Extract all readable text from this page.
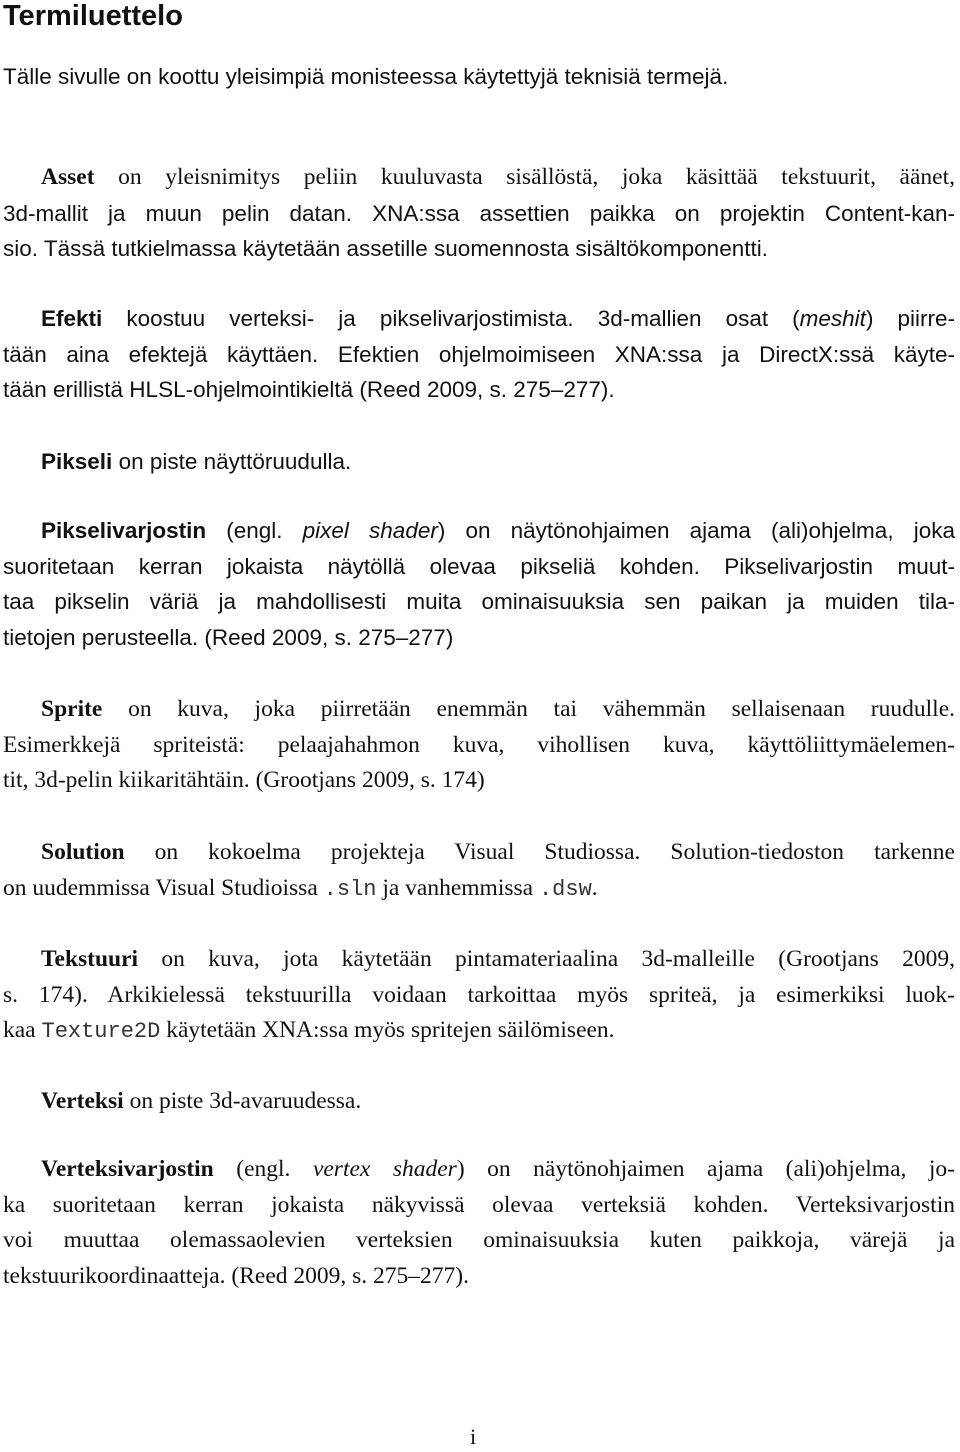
Termiluettelo

Tälle sivulle on koottu yleisimpiä monisteessa käytettyjä teknisiä termejä.

Asset on yleisnimitys peliin kuuluvasta sisällöstä, joka käsittää tekstuurit, äänet,
3d-mallit ja muun pelin datan. XNA:ssa assettien paikka on projektin Content-kan-
sio. Tässä tutkielmassa käytetään assetille suomennosta sisältökomponentti.
Efekti koostuu verteksi- ja pikselivarjostimista. 3d-mallien osat (meshit) piirre-
tään aina efektejä käyttäen. Efektien ohjelmoimiseen XNA:ssa ja DirectX:ssä käyte-
tään erillistä HLSL-ohjelmointikieltä (Reed 2009, s. 275–277).
Pikseli on piste näyttöruudulla.
Pikselivarjostin (engl. pixel shader) on näytönohjaimen ajama (ali)ohjelma, joka
suoritetaan kerran jokaista näytöllä olevaa pikseliä kohden. Pikselivarjostin muut-
taa pikselin väriä ja mahdollisesti muita ominaisuuksia sen paikan ja muiden tila-
tietojen perusteella. (Reed 2009, s. 275–277)
Sprite on kuva, joka piirretään enemmän tai vähemmän sellaisenaan ruudulle.
Esimerkkejä spriteistä: pelaajahahmon kuva, vihollisen kuva, käyttöliittymäelemen-
tit, 3d-pelin kiikaritähtäin. (Grootjans 2009, s. 174)
Solution on kokoelma projekteja Visual Studiossa. Solution-tiedoston tarkenne
on uudemmissa Visual Studioissa .sln ja vanhemmissa .dsw.
Tekstuuri on kuva, jota käytetään pintamateriaalina 3d-malleille (Grootjans 2009,
s. 174). Arkikielessä tekstuurilla voidaan tarkoittaa myös spriteä, ja esimerkiksi luok-
kaa Texture2D käytetään XNA:ssa myös spritejen säilömiseen.
Verteksi on piste 3d-avaruudessa.
Verteksivarjostin (engl. vertex shader) on näytönohjaimen ajama (ali)ohjelma, jo-
ka suoritetaan kerran jokaista näkyvissä olevaa verteksiä kohden. Verteksivarjostin
voi muuttaa olemassaolevien verteksien ominaisuuksia kuten paikkoja, värejä ja
tekstuurikoordinaatteja. (Reed 2009, s. 275–277).
i
